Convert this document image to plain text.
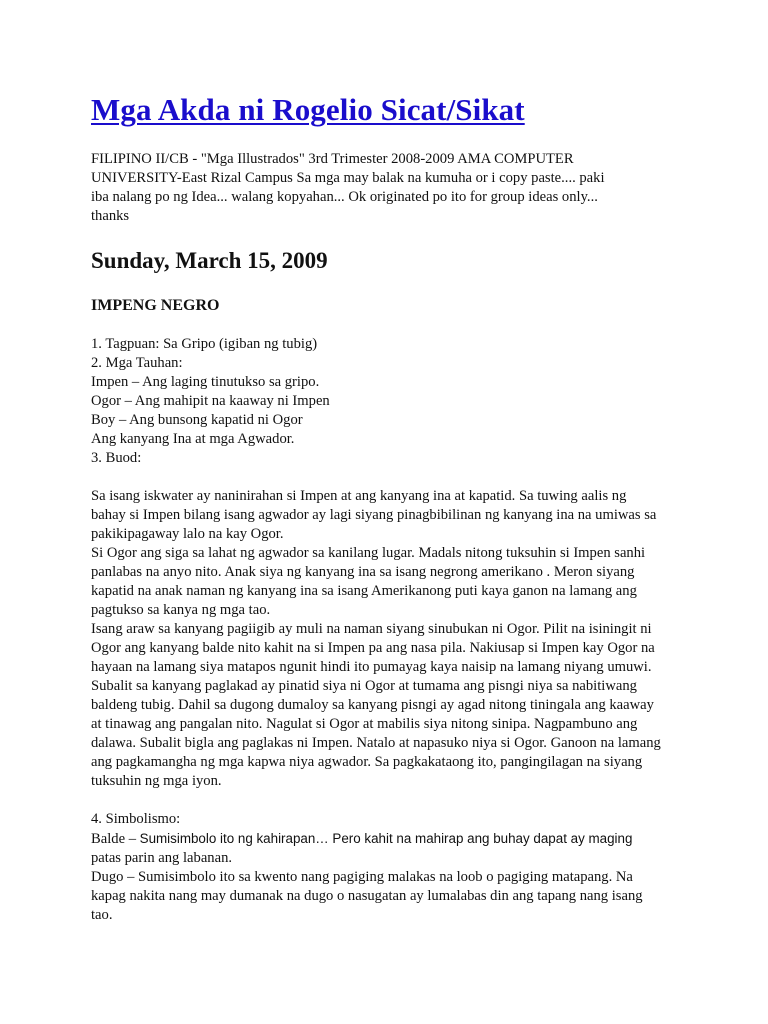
Mga Akda ni Rogelio Sicat/Sikat

FILIPINO II/CB - "Mga Illustrados" 3rd Trimester 2008-2009 AMA COMPUTER UNIVERSITY-East Rizal Campus Sa mga may balak na kumuha or i copy paste.... paki iba nalang po ng Idea... walang kopyahan... Ok originated po ito for group ideas only... thanks

Sunday, March 15, 2009
IMPENG NEGRO
1. Tagpuan: Sa Gripo (igiban ng tubig)
2. Mga Tauhan:
Impen – Ang laging tinutukso sa gripo.
Ogor – Ang mahipit na kaaway ni Impen
Boy – Ang bunsong kapatid ni Ogor
Ang kanyang Ina at mga Agwador.
3. Buod:
Sa isang iskwater ay naninirahan si Impen at ang kanyang ina at kapatid. Sa tuwing aalis ng bahay si Impen bilang isang agwador ay lagi siyang pinagbibilinan ng kanyang ina na umiwas sa pakikipagaway lalo na kay Ogor.
Si Ogor ang siga sa lahat ng agwador sa kanilang lugar. Madals nitong tuksuhin si Impen sanhi panlabas na anyo nito. Anak siya ng kanyang ina sa isang negrong amerikano . Meron siyang kapatid na anak naman ng kanyang ina sa isang Amerikanong puti kaya ganon na lamang ang pagtukso sa kanya ng mga tao.
Isang araw sa kanyang pagiigib ay muli na naman siyang sinubukan ni Ogor. Pilit na isiningit ni Ogor ang kanyang balde nito kahit na si Impen pa ang nasa pila. Nakiusap si Impen kay Ogor na hayaan na lamang siya matapos ngunit hindi ito pumayag kaya naisip na lamang niyang umuwi. Subalit sa kanyang paglakad ay pinatid siya ni Ogor at tumama ang pisngi niya sa nabitiwang baldeng tubig. Dahil sa dugong dumaloy sa kanyang pisngi ay agad nitong tiningala ang kaaway at tinawag ang pangalan nito. Nagulat si Ogor at mabilis siya nitong sinipa. Nagpambuno ang dalawa. Subalit bigla ang paglakas ni Impen. Natalo at napasuko niya si Ogor. Ganoon na lamang ang pagkamangha ng mga kapwa niya agwador. Sa pagkakataong ito, pangingilagan na siyang tuksuhin ng mga iyon.
4. Simbolismo:
Balde – Sumisimbolo ito ng kahirapan… Pero kahit na mahirap ang buhay dapat ay maging
patas parin ang labanan.
Dugo – Sumisimbolo ito sa kwento nang pagiging malakas na loob o pagiging matapang. Na kapag nakita nang may dumanak na dugo o nasugatan ay lumalabas din ang tapang nang isang tao.
